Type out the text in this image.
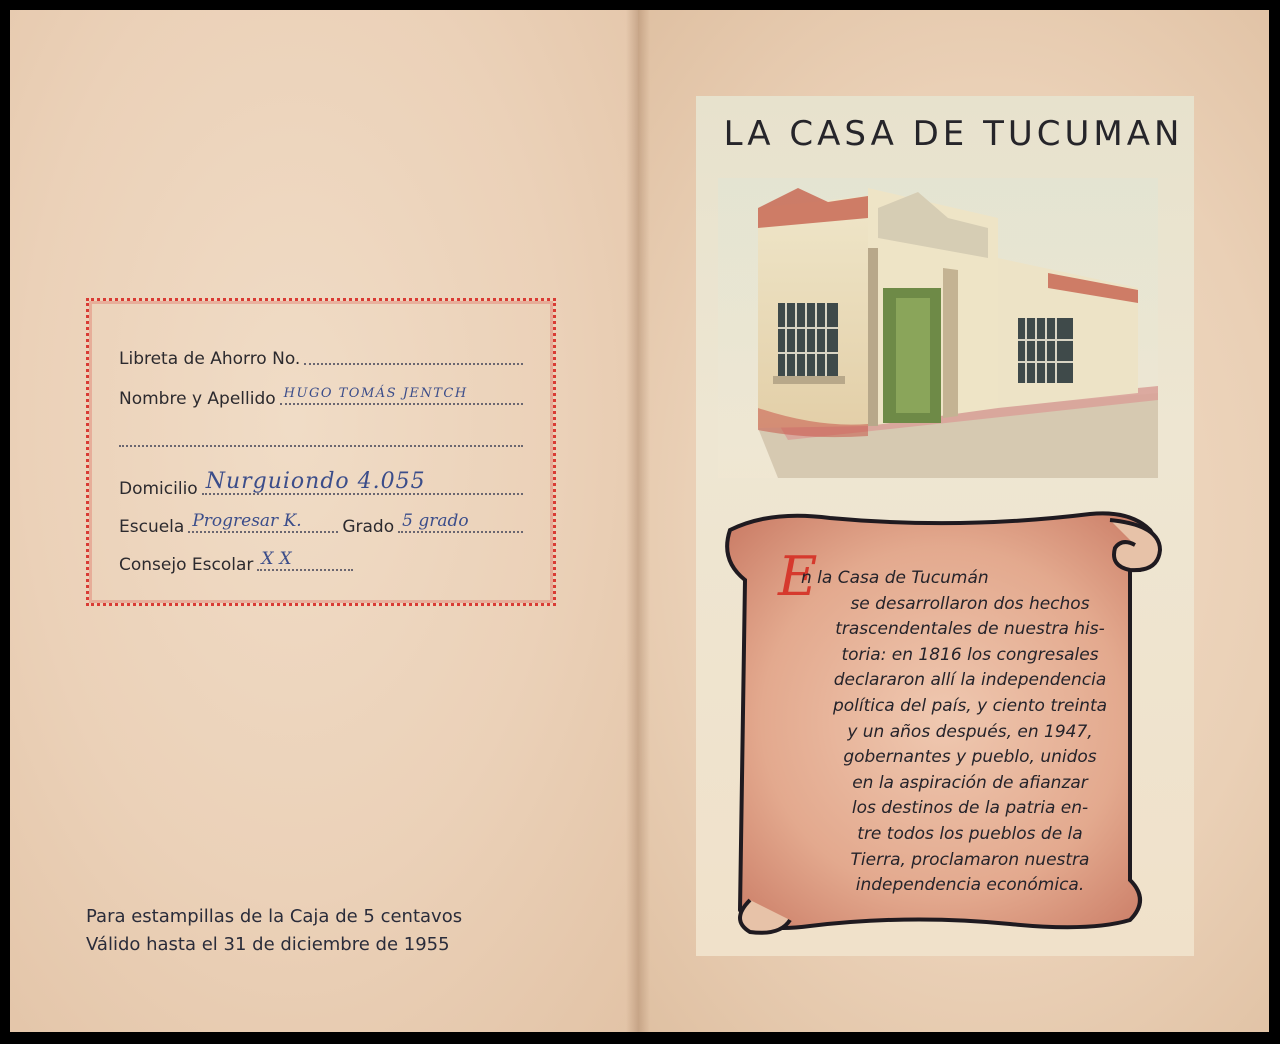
Libreta de Ahorro No.
Nombre y Apellido HUGO TOMÁS JENTCH
Domicilio Nurguiondo 4.055
Escuela Progresar K. Grado 5 grado
Consejo Escolar XX
Para estampillas de la Caja de 5 centavos
Válido hasta el 31 de diciembre de 1955
LA CASA DE TUCUMAN
E
n la Casa de Tucumán
se desarrollaron dos hechos
trascendentales de nuestra his-
toria: en 1816 los congresales
declararon allí la independencia
política del país, y ciento treinta
y un años después, en 1947,
gobernantes y pueblo, unidos
en la aspiración de afianzar
los destinos de la patria en-
tre todos los pueblos de la
Tierra, proclamaron nuestra
independencia económica.
